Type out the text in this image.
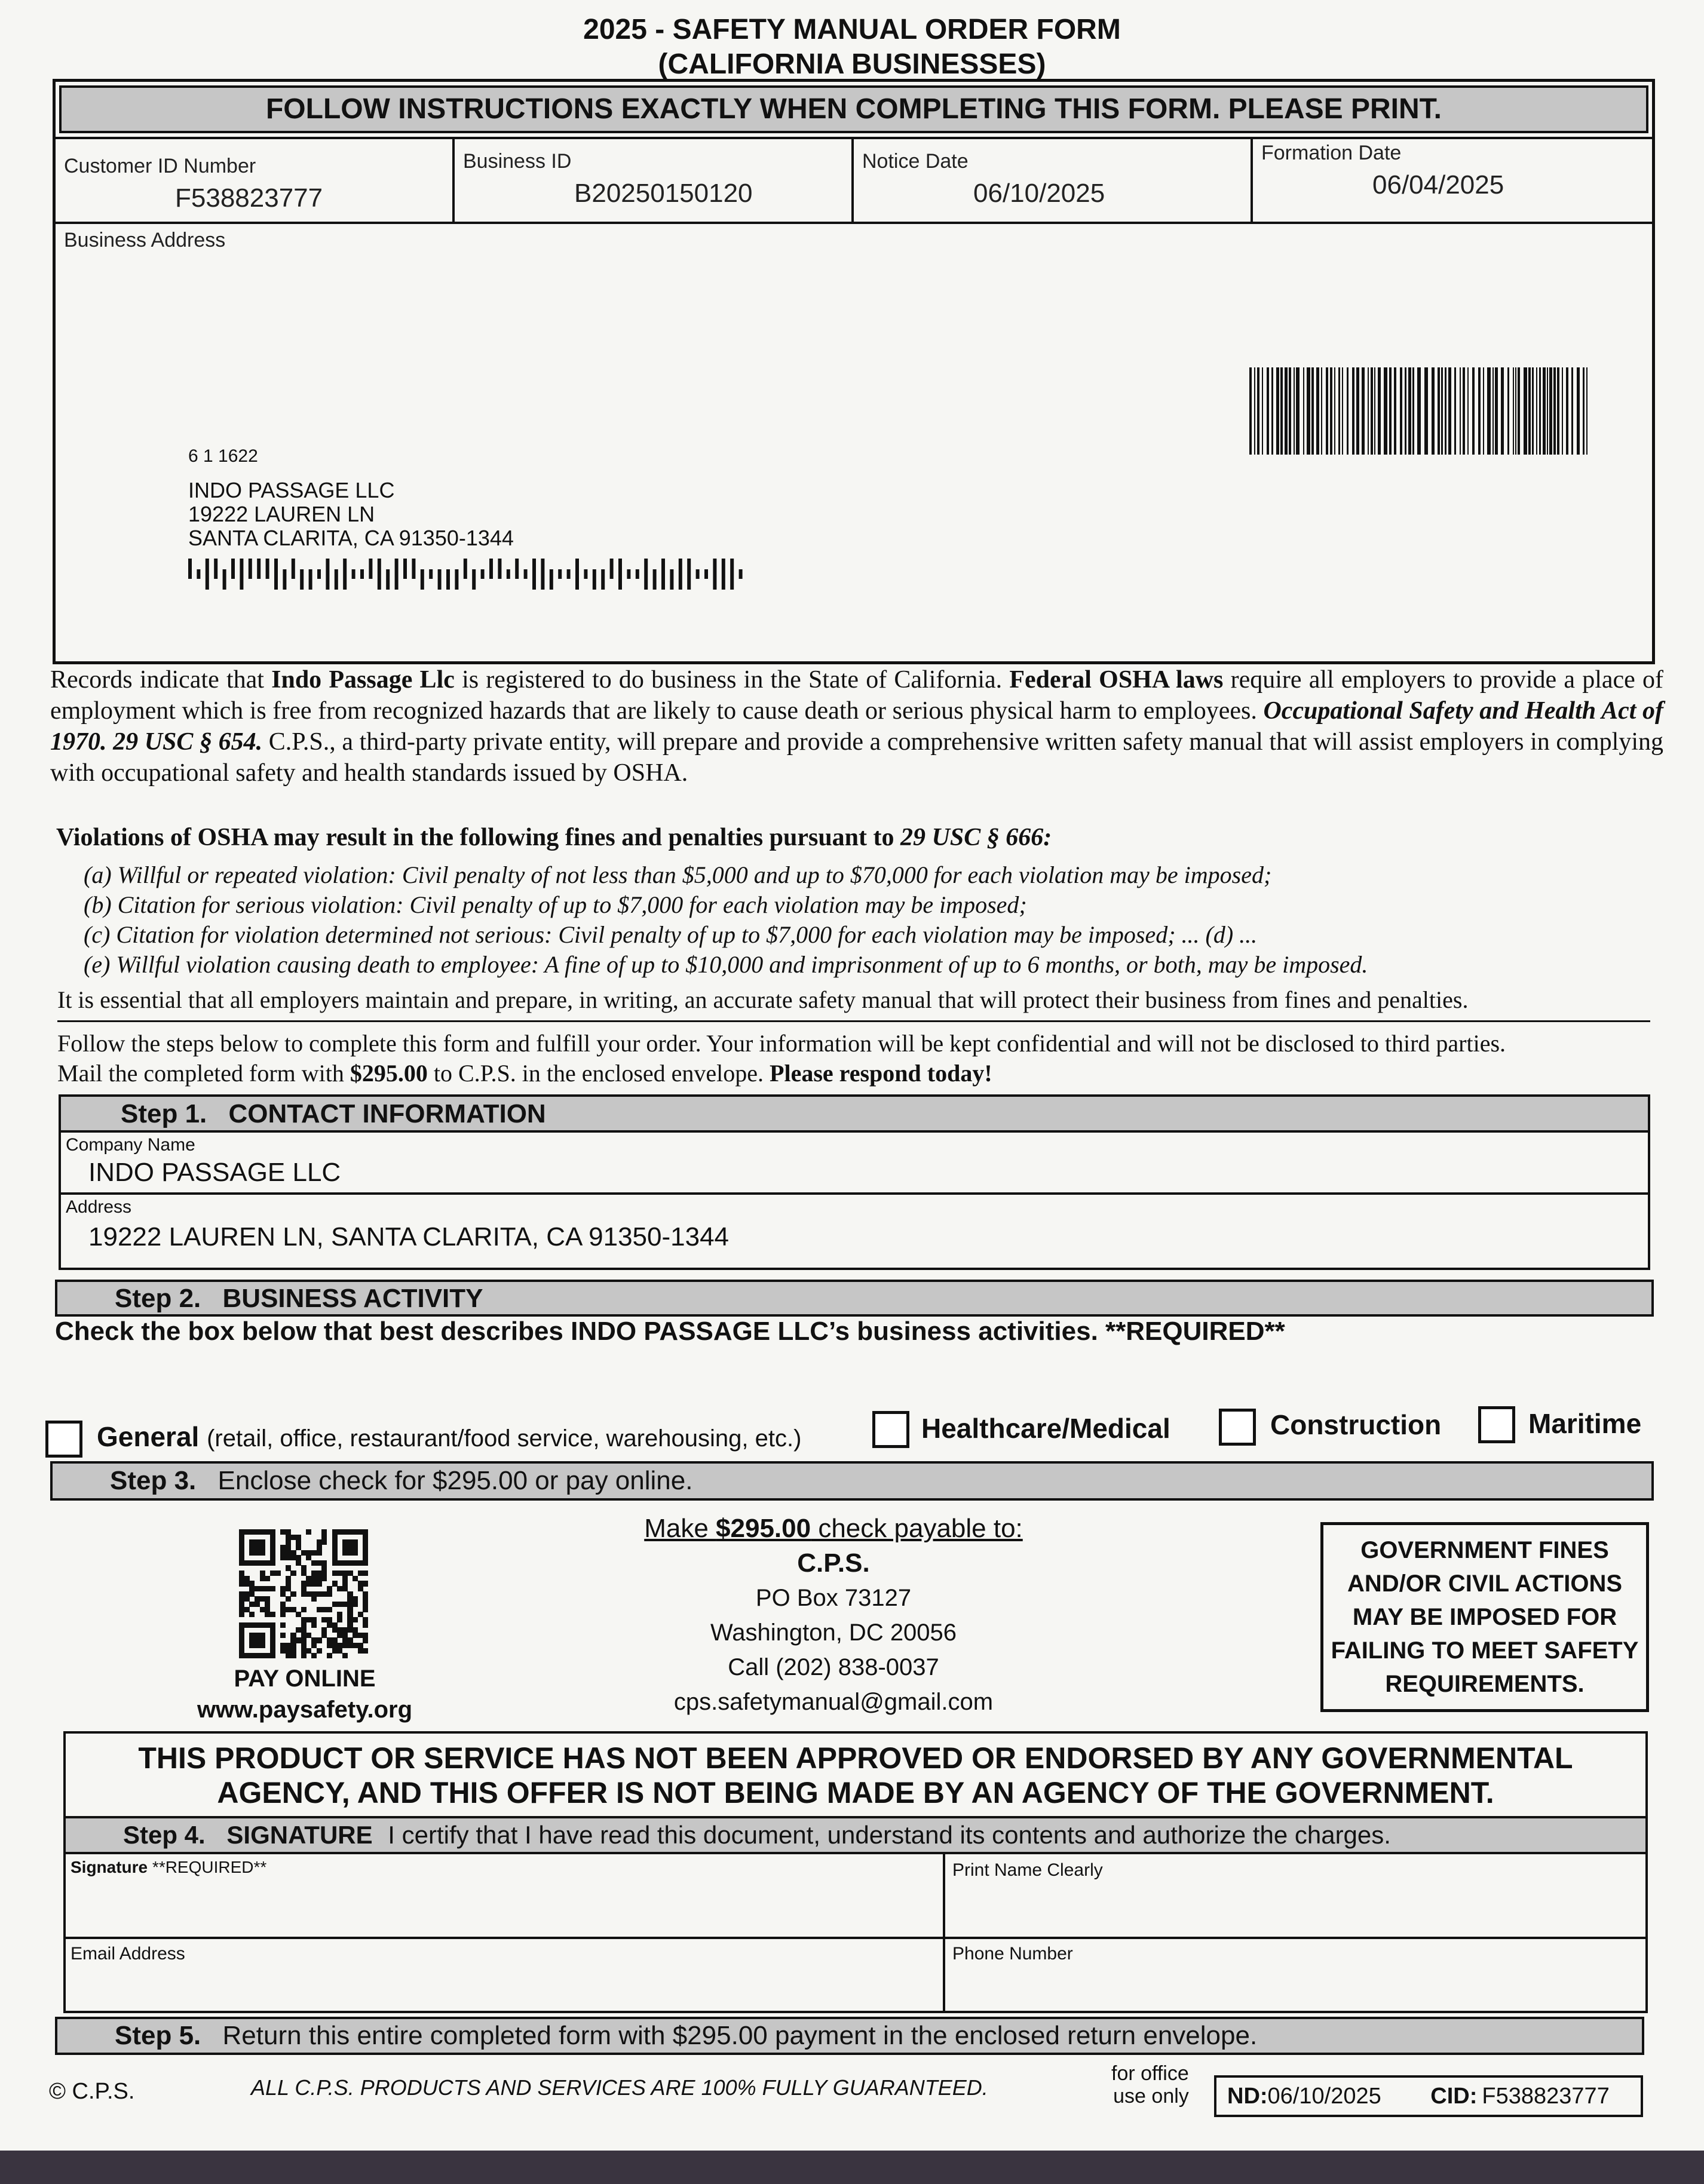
2025 - SAFETY MANUAL ORDER FORM
(CALIFORNIA BUSINESSES)
FOLLOW INSTRUCTIONS EXACTLY WHEN COMPLETING THIS FORM. PLEASE PRINT.
Customer ID Number
F538823777
Business ID
B20250150120
Notice Date
06/10/2025
Formation Date
06/04/2025
Business Address
6 1 1622
INDO PASSAGE LLC
19222 LAUREN LN
SANTA CLARITA, CA 91350-1344
Records indicate that Indo Passage Llc is registered to do business in the State of California. Federal OSHA laws require all employers to provide a place of employment which is free from recognized hazards that are likely to cause death or serious physical harm to employees. Occupational Safety and Health Act of 1970. 29 USC § 654. C.P.S., a third-party private entity, will prepare and provide a comprehensive written safety manual that will assist employers in complying with occupational safety and health standards issued by OSHA.
Violations of OSHA may result in the following fines and penalties pursuant to 29 USC § 666:
(a) Willful or repeated violation: Civil penalty of not less than $5,000 and up to $70,000 for each violation may be imposed;
(b) Citation for serious violation: Civil penalty of up to $7,000 for each violation may be imposed;
(c) Citation for violation determined not serious: Civil penalty of up to $7,000 for each violation may be imposed; ... (d) ...
(e) Willful violation causing death to employee: A fine of up to $10,000 and imprisonment of up to 6 months, or both, may be imposed.
It is essential that all employers maintain and prepare, in writing, an accurate safety manual that will protect their business from fines and penalties.
Follow the steps below to complete this form and fulfill your order. Your information will be kept confidential and will not be disclosed to third parties.
Mail the completed form with $295.00 to C.P.S. in the enclosed envelope. Please respond today!
Step 1. CONTACT INFORMATION
Company Name
INDO PASSAGE LLC
Address
19222 LAUREN LN, SANTA CLARITA, CA 91350-1344
Step 2. BUSINESS ACTIVITY
Check the box below that best describes INDO PASSAGE LLC’s business activities. **REQUIRED**
General (retail, office, restaurant/food service, warehousing, etc.)	Healthcare/Medical	Construction	Maritime
Step 3. Enclose check for $295.00 or pay online.
PAY ONLINE
www.paysafety.org
Make $295.00 check payable to:
C.P.S.
PO Box 73127
Washington, DC 20056
Call (202) 838-0037
cps.safetymanual@gmail.com
GOVERNMENT FINES
AND/OR CIVIL ACTIONS
MAY BE IMPOSED FOR
FAILING TO MEET SAFETY
REQUIREMENTS.
THIS PRODUCT OR SERVICE HAS NOT BEEN APPROVED OR ENDORSED BY ANY GOVERNMENTAL
AGENCY, AND THIS OFFER IS NOT BEING MADE BY AN AGENCY OF THE GOVERNMENT.
Step 4. SIGNATURE I certify that I have read this document, understand its contents and authorize the charges.
Signature **REQUIRED**	Print Name Clearly
Email Address	Phone Number
Step 5. Return this entire completed form with $295.00 payment in the enclosed return envelope.
© C.P.S.	ALL C.P.S. PRODUCTS AND SERVICES ARE 100% FULLY GUARANTEED.
for office
use only	ND:06/10/2025 CID: F538823777
